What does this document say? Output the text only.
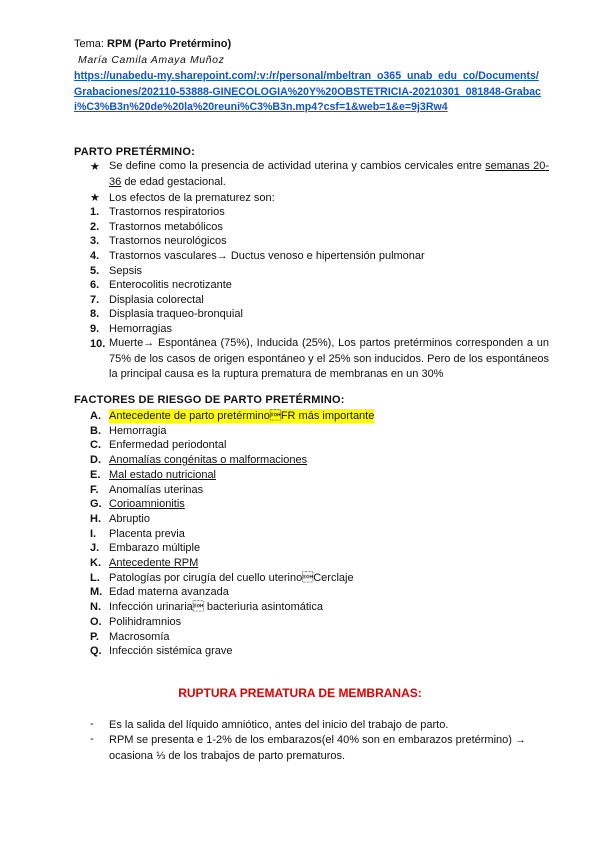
Tema: RPM (Parto Pretérmino)
María Camila Amaya Muñoz

https://unabedu-my.sharepoint.com/:v:/r/personal/mbeltran_o365_unab_edu_co/Documents/Grabaciones/202110-53888-GINECOLOGIA%20Y%20OBSTETRICIA-20210301_081848-Grabaci%C3%B3n%20de%20la%20reuni%C3%B3n.mp4?csf=1&web=1&e=9j3Rw4

PARTO PRETÉRMINO:

★ Se define como la presencia de actividad uterina y cambios cervicales entre semanas 20-36 de edad gestacional.

★ Los efectos de la prematurez son:
1. Trastornos respiratorios
2. Trastornos metabólicos
3. Trastornos neurológicos
4. Trastornos vasculares→ Ductus venoso e hipertensión pulmonar
5. Sepsis
6. Enterocolitis necrotizante
7. Displasia colorectal
8. Displasia traqueo-bronquial
9. Hemorragias
10. Muerte→ Espontánea (75%), Inducida (25%), Los partos pretérminos corresponden a un 75% de los casos de origen espontáneo y el 25% son inducidos. Pero de los espontáneos la principal causa es la ruptura prematura de membranas en un 30%

FACTORES DE RIESGO DE PARTO PRETÉRMINO:

A. Antecedente de parto pretérminoFR más importante
B. Hemorragia
C. Enfermedad periodontal
D. Anomalías congénitas o malformaciones
E. Mal estado nutricional
F. Anomalías uterinas
G. Corioamnionitis
H. Abruptio
I.	Placenta previa
J. Embarazo múltiple
K. Antecedente RPM
L. Patologías por cirugía del cuello uterinoCerclaje
M. Edad materna avanzada
N. Infección urinaria bacteriuria asintomática
O. Polihidramnios
P. Macrosomía
Q. Infección sistémica grave

RUPTURA PREMATURA DE MEMBRANAS:

- Es la salida del líquido amniótico, antes del inicio del trabajo de parto.

- RPM se presenta e 1-2% de los embarazos(el 40% son en embarazos pretérmino) → ocasiona ⅓ de los trabajos de parto prematuros.
